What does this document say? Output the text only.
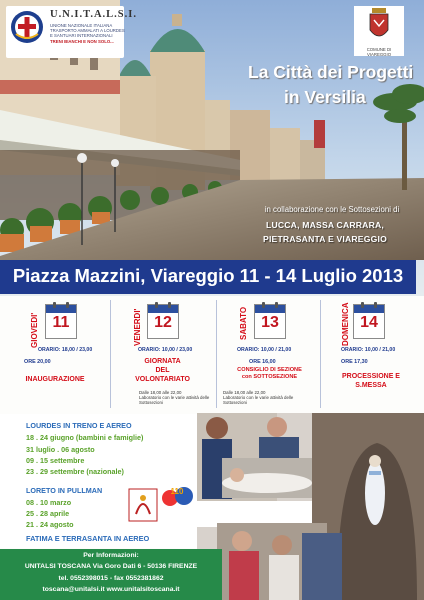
U.N.I.T.A.L.S.I.
UNIONE NAZIONALE ITALIANA
TRASPORTO AMMALATI A LOURDES
E SANTUARI INTERNAZIONALI
TRENI BIANCHI E NON SOLO...
COMUNE DI VIAREGGIO
La Città dei Progetti
in Versilia
in collaborazione con le Sottosezioni di
LUCCA, MASSA CARRARA,
PIETRASANTA E VIAREGGIO
Piazza Mazzini, Viareggio 11 - 14 Luglio 2013
GIOVEDI' 11
ORARIO: 18,00 / 23,00
ORE 20,00
INAUGURAZIONE
VENERDI' 12
ORARIO: 10,00 / 23,00
GIORNATA
DEL
VOLONTARIATO
Dalle 18,00 alle 22,00
Laboratorio con le varie attività delle
Sottosezioni
SABATO 13
ORARIO: 10,00 / 21,00
ORE 16,00
CONSIGLIO DI SEZIONE
con SOTTOSEZIONE
Dalle 18,00 alle 22,00
Laboratorio con le varie attività delle
Sottosezioni
DOMENICA 14
ORARIO: 10,00 / 21,00
ORE 17,30
PROCESSIONE E
S.MESSA
LOURDES IN TRENO E AEREO
18 . 24 giugno (bambini e famiglie)
31 luglio . 06 agosto
09 . 15 settembre
23 . 29 settembre (nazionale)
LORETO IN PULLMAN
08 . 10 marzo
25 . 28 aprile
21 . 24 agosto
FATIMA E TERRASANTA IN AEREO
110
Per Informazioni:
UNITALSI TOSCANA Via Goro Dati 6 - 50136 FIRENZE
tel. 0552398015 - fax 0552381862
toscana@unitalsi.it www.unitalsitoscana.it
